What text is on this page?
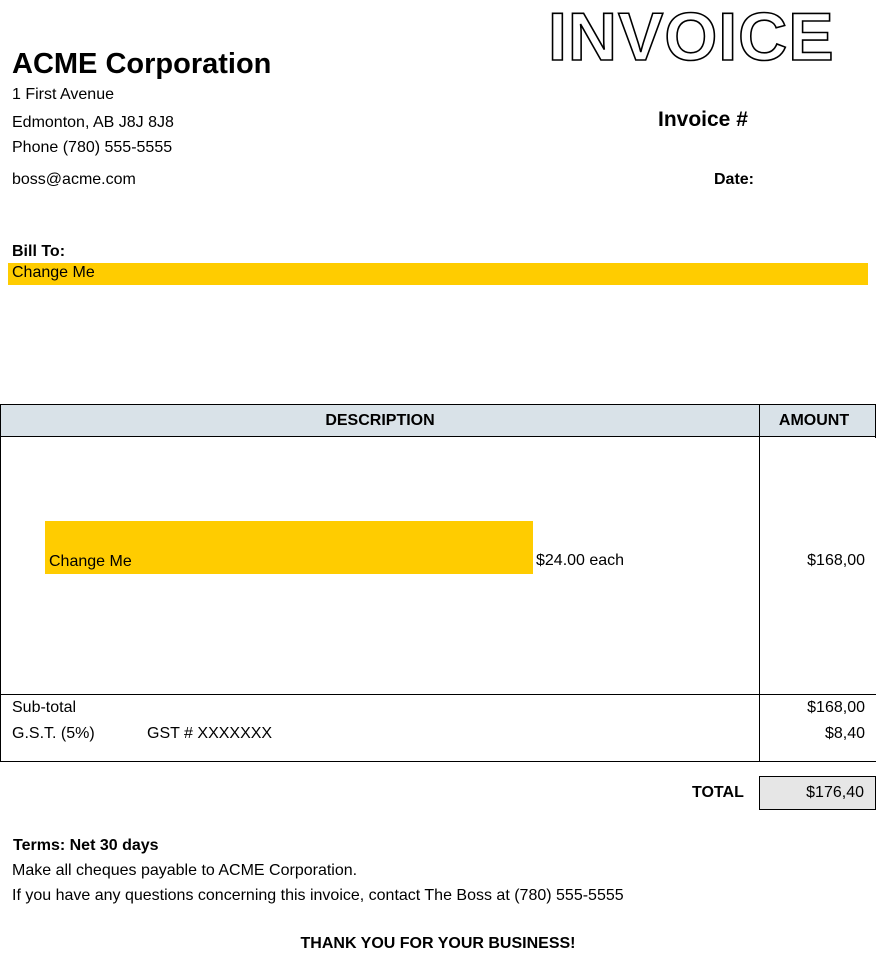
ACME Corporation
1 First Avenue
Edmonton, AB J8J 8J8
Phone (780) 555-5555
boss@acme.com
INVOICE
Invoice #
Date:
Bill To:
Change Me
DESCRIPTION	AMOUNT
Change Me	$24.00 each	$168,00
Sub-total	$168,00
G.S.T. (5%)	GST # XXXXXXX	$8,40
TOTAL	$176,40
Terms: Net 30 days
Make all cheques payable to ACME Corporation.
If you have any questions concerning this invoice, contact The Boss at (780) 555-5555
THANK YOU FOR YOUR BUSINESS!
